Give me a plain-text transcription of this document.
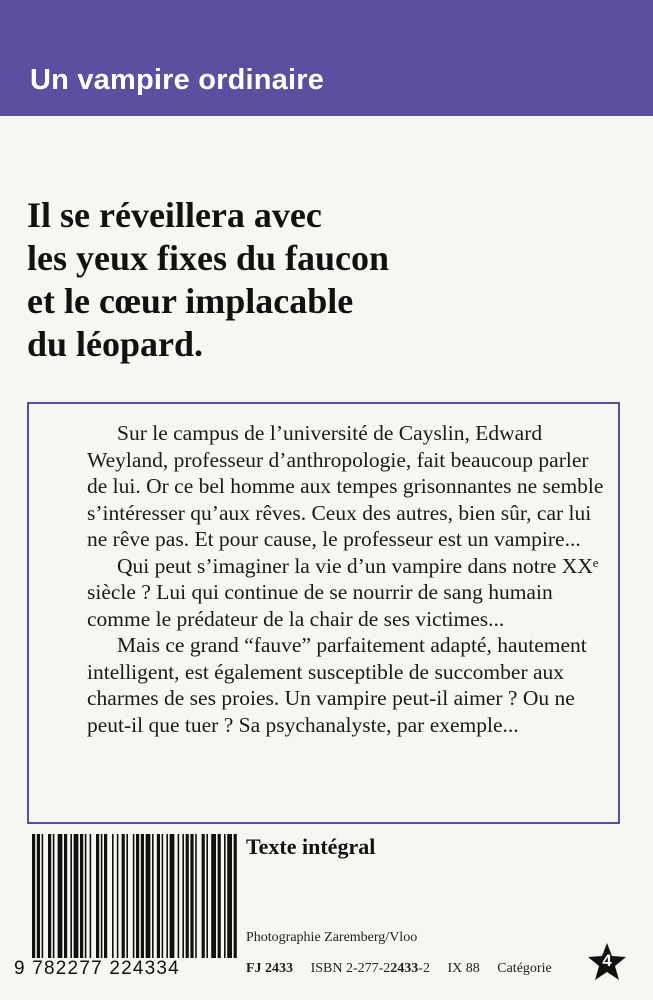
Un vampire ordinaire
Il se réveillera avec
les yeux fixes du faucon
et le cœur implacable
du léopard.

Sur le campus de l’université de Cayslin, Edward Weyland, professeur d’anthropologie, fait beaucoup parler de lui. Or ce bel homme aux tempes grisonnantes ne semble s’intéresser qu’aux rêves. Ceux des autres, bien sûr, car lui ne rêve pas. Et pour cause, le professeur est un vampire...

Qui peut s’imaginer la vie d’un vampire dans notre XXᵉ siècle ? Lui qui continue de se nourrir de sang humain comme le prédateur de la chair de ses victimes...

Mais ce grand “fauve” parfaitement adapté, hautement intelligent, est également susceptible de succomber aux charmes de ses proies. Un vampire peut-il aimer ? Ou ne peut-il que tuer ? Sa psychanalyste, par exemple...

9 782277 224334
Texte intégral
Photographie Zaremberg/Vloo
FJ 2433 ISBN 2-277-22433-2 IX 88 Catégorie	4
